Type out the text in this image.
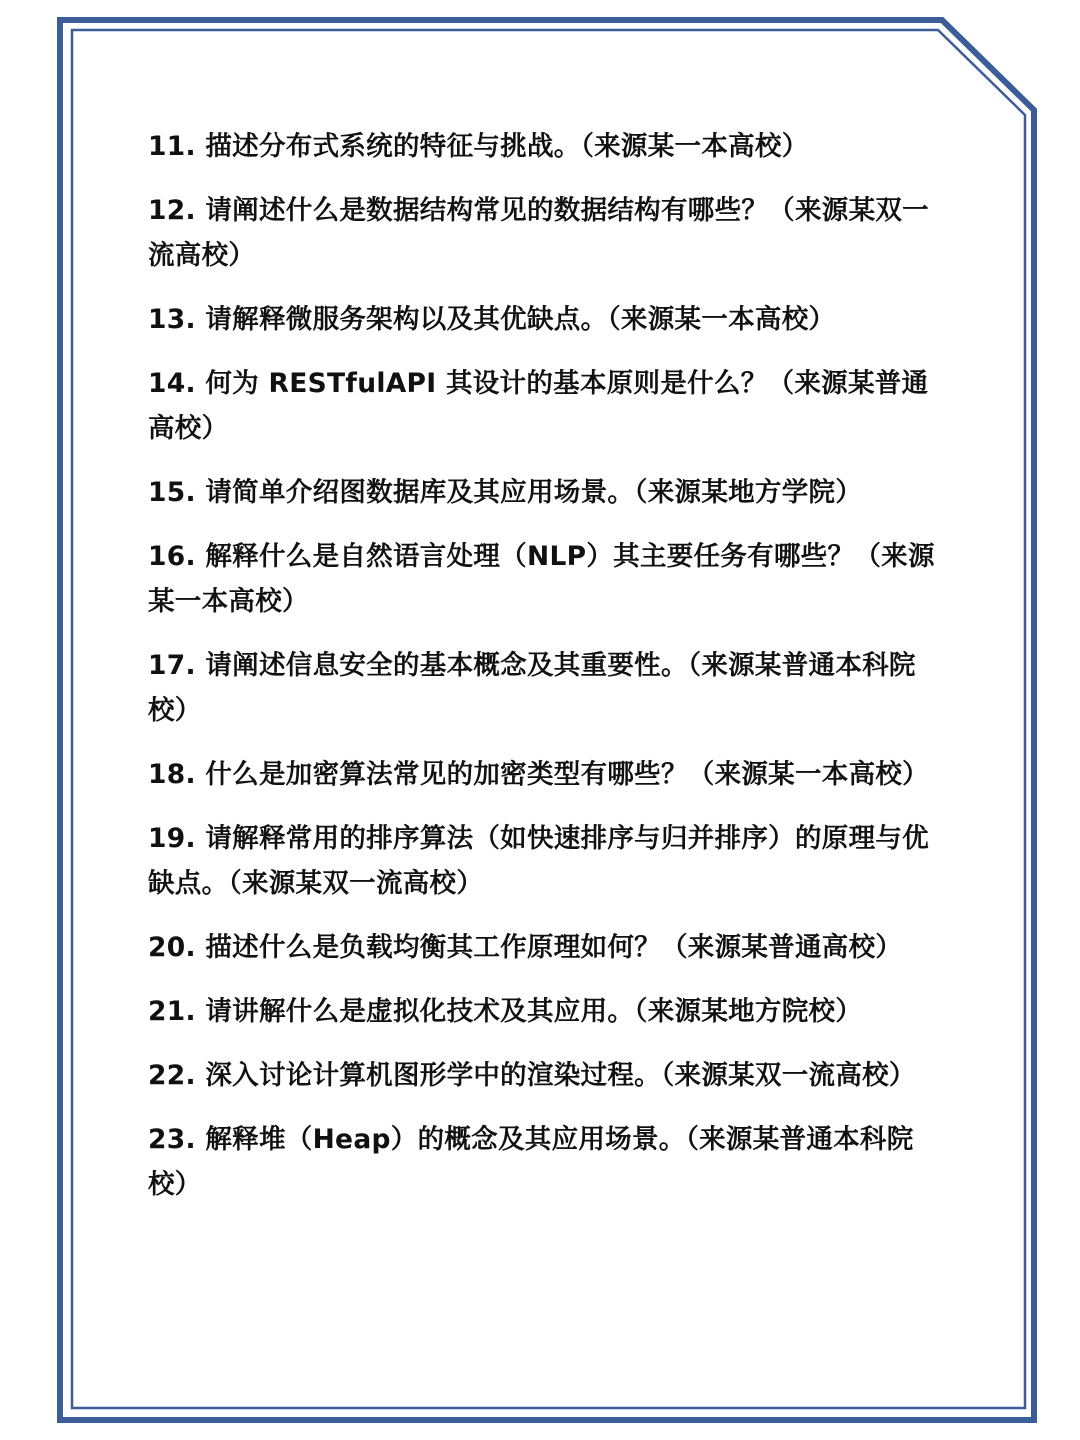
11. 描述分布式系统的特征与挑战。（来源某一本高校）
12. 请阐述什么是数据结构常见的数据结构有哪些？（来源某双一流高校）
13. 请解释微服务架构以及其优缺点。（来源某一本高校）
14. 何为 RESTfulAPI 其设计的基本原则是什么？（来源某普通高校）
15. 请简单介绍图数据库及其应用场景。（来源某地方学院）
16. 解释什么是自然语言处理（NLP）其主要任务有哪些？（来源某一本高校）
17. 请阐述信息安全的基本概念及其重要性。（来源某普通本科院校）
18. 什么是加密算法常见的加密类型有哪些？（来源某一本高校）
19. 请解释常用的排序算法（如快速排序与归并排序）的原理与优缺点。（来源某双一流高校）
20. 描述什么是负载均衡其工作原理如何？（来源某普通高校）
21. 请讲解什么是虚拟化技术及其应用。（来源某地方院校）
22. 深入讨论计算机图形学中的渲染过程。（来源某双一流高校）
23. 解释堆（Heap）的概念及其应用场景。（来源某普通本科院校）
